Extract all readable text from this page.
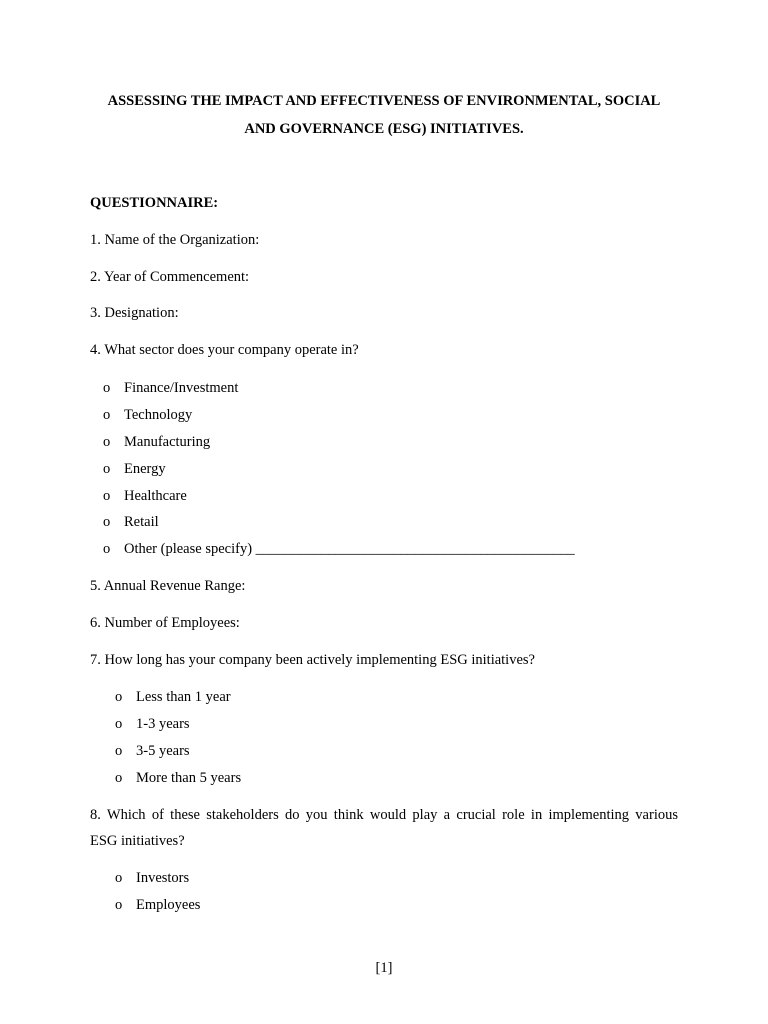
ASSESSING THE IMPACT AND EFFECTIVENESS OF ENVIRONMENTAL, SOCIAL
AND GOVERNANCE (ESG) INITIATIVES.
QUESTIONNAIRE:
1. Name of the Organization:
2. Year of Commencement:
3. Designation:
4. What sector does your company operate in?
o Finance/Investment
o Technology
o Manufacturing
o Energy
o Healthcare
o Retail
o Other (please specify) ____________________________________________
5. Annual Revenue Range:
6. Number of Employees:
7. How long has your company been actively implementing ESG initiatives?
o Less than 1 year
o 1-3 years
o 3-5 years
o More than 5 years
8. Which of these stakeholders do you think would play a crucial role in implementing various
ESG initiatives?
o Investors
o Employees
[1]
